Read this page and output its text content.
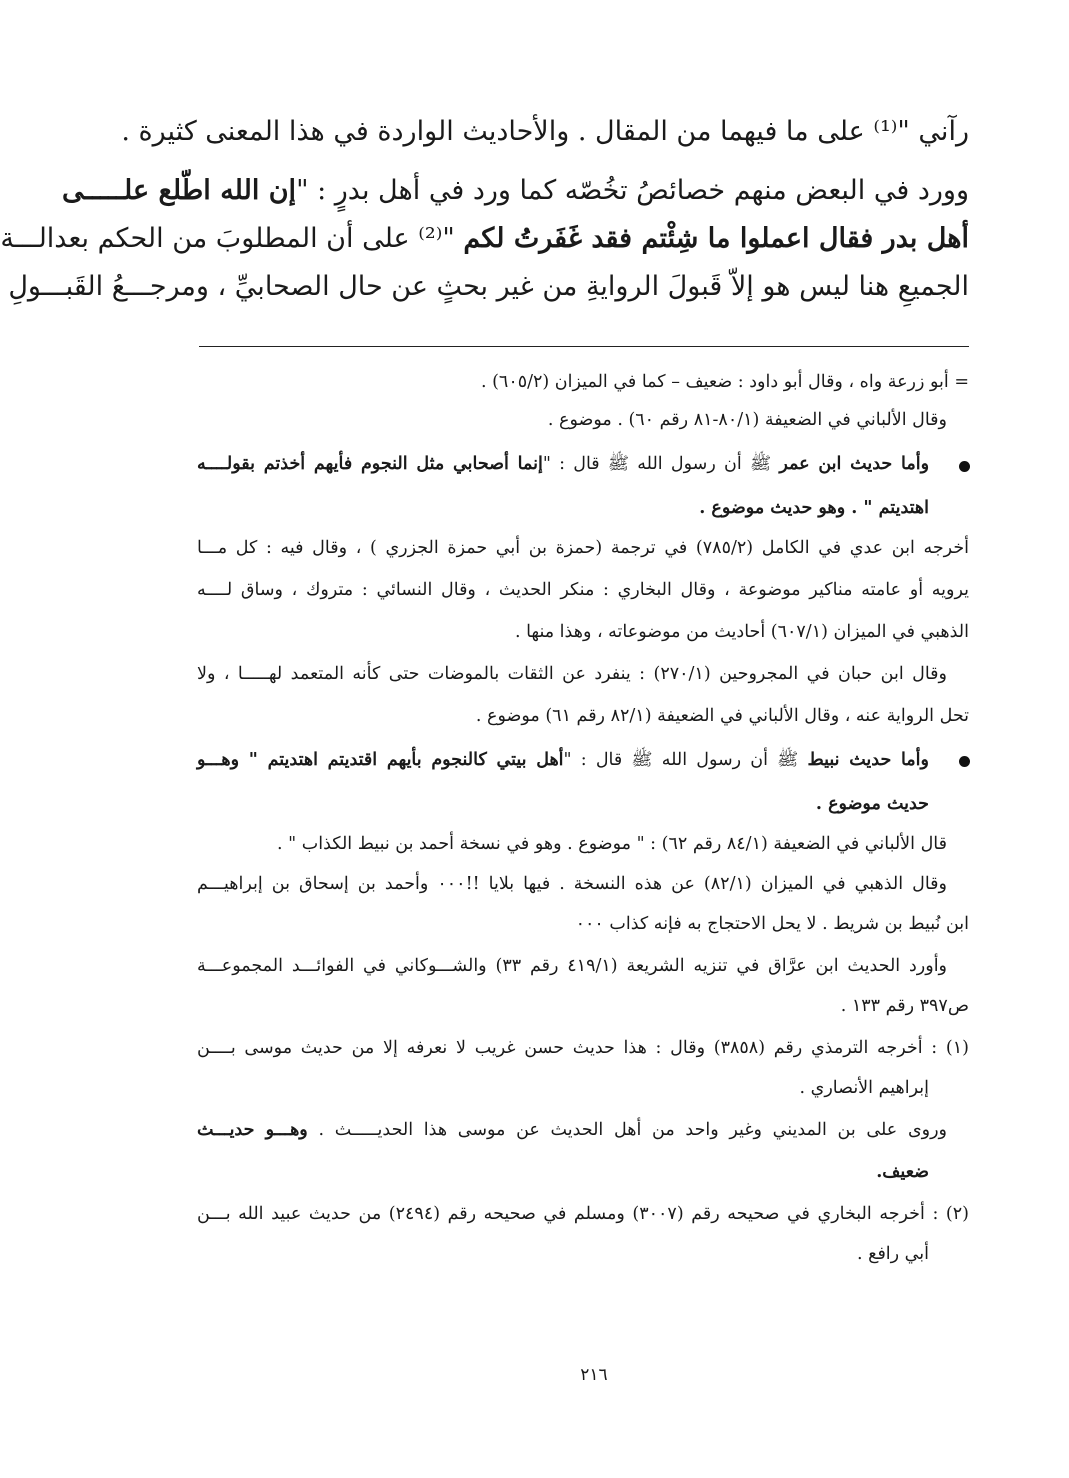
رآني "⁽¹⁾ على ما فيهما من المقال . والأحاديث الواردة في هذا المعنى كثيرة .
وورد في البعض منهم خصائصُ تخُصّه كما ورد في أهل بدرٍ : "إن الله اطّلع علـــــى
أهل بدر فقال اعملوا ما شِئْتم فقد غَفَرتُ لكم "⁽²⁾ على أن المطلوبَ من الحكم بعدالـــة
الجميعِ هنا ليس هو إلاّ قَبولَ الروايةِ من غير بحثٍ عن حال الصحابيِّ ، ومرجـــعُ القَبـــولِ
= أبو زرعة واه ، وقال أبو داود : ضعيف – كما في الميزان (٦٠٥/٢) .
وقال الألباني في الضعيفة (٨٠/١-٨١ رقم ٦٠) . موضوع .
وأما حديث ابن عمر ﷺ أن رسول الله ﷺ قال : "إنما أصحابي مثل النجوم فأيهم أخذتم بقولــــه
اهتديتم " . وهو حديث موضوع .
أخرجه ابن عدي في الكامل (٧٨٥/٢) في ترجمة (حمزة بن أبي حمزة الجزري ) ، وقال فيه : كل مـــا
يرويه أو عامته مناكير موضوعة ، وقال البخاري : منكر الحديث ، وقال النسائي : متروك ، وساق لــــه
الذهبي في الميزان (٦٠٧/١) أحاديث من موضوعاته ، وهذا منها .
وقال ابن حبان في المجروحين (٢٧٠/١) : ينفرد عن الثقات بالموضات حتى كأنه المتعمد لهـــــا ، ولا
تحل الرواية عنه ، وقال الألباني في الضعيفة (٨٢/١ رقم ٦١) موضوع .
وأما حديث نبيط ﷺ أن رسول الله ﷺ قال : "أهل بيتي كالنجوم بأيهم اقتديتم اهتديتم " وهـــو
حديث موضوع .
قال الألباني في الضعيفة (٨٤/١ رقم ٦٢) : " موضوع . وهو في نسخة أحمد بن نبيط الكذاب " .
وقال الذهبي في الميزان (٨٢/١) عن هذه النسخة . فيها بلايا !!٠٠٠ وأحمد بن إسحاق بن إبراهيـــم
ابن نُبيط بن شريط . لا يحل الاحتجاج به فإنه كذاب ٠٠٠
وأورد الحديث ابن عرَّاق في تنزيه الشريعة (٤١٩/١ رقم ٣٣) والشـــوكاني في الفوائـــد المجموعـــة
ص٣٩٧ رقم ١٣٣ .
(١) : أخرجه الترمذي رقم (٣٨٥٨) وقال : هذا حديث حسن غريب لا نعرفه إلا من حديث موسى بــــن
إبراهيم الأنصاري .
وروى على بن المديني وغير واحد من أهل الحديث عن موسى هذا الحديـــــث . وهـــو حديـــث
ضعيف.
(٢) : أخرجه البخاري في صحيحه رقم (٣٠٠٧) ومسلم في صحيحه رقم (٢٤٩٤) من حديث عبيد الله بـــن
أبي رافع .
٢١٦
